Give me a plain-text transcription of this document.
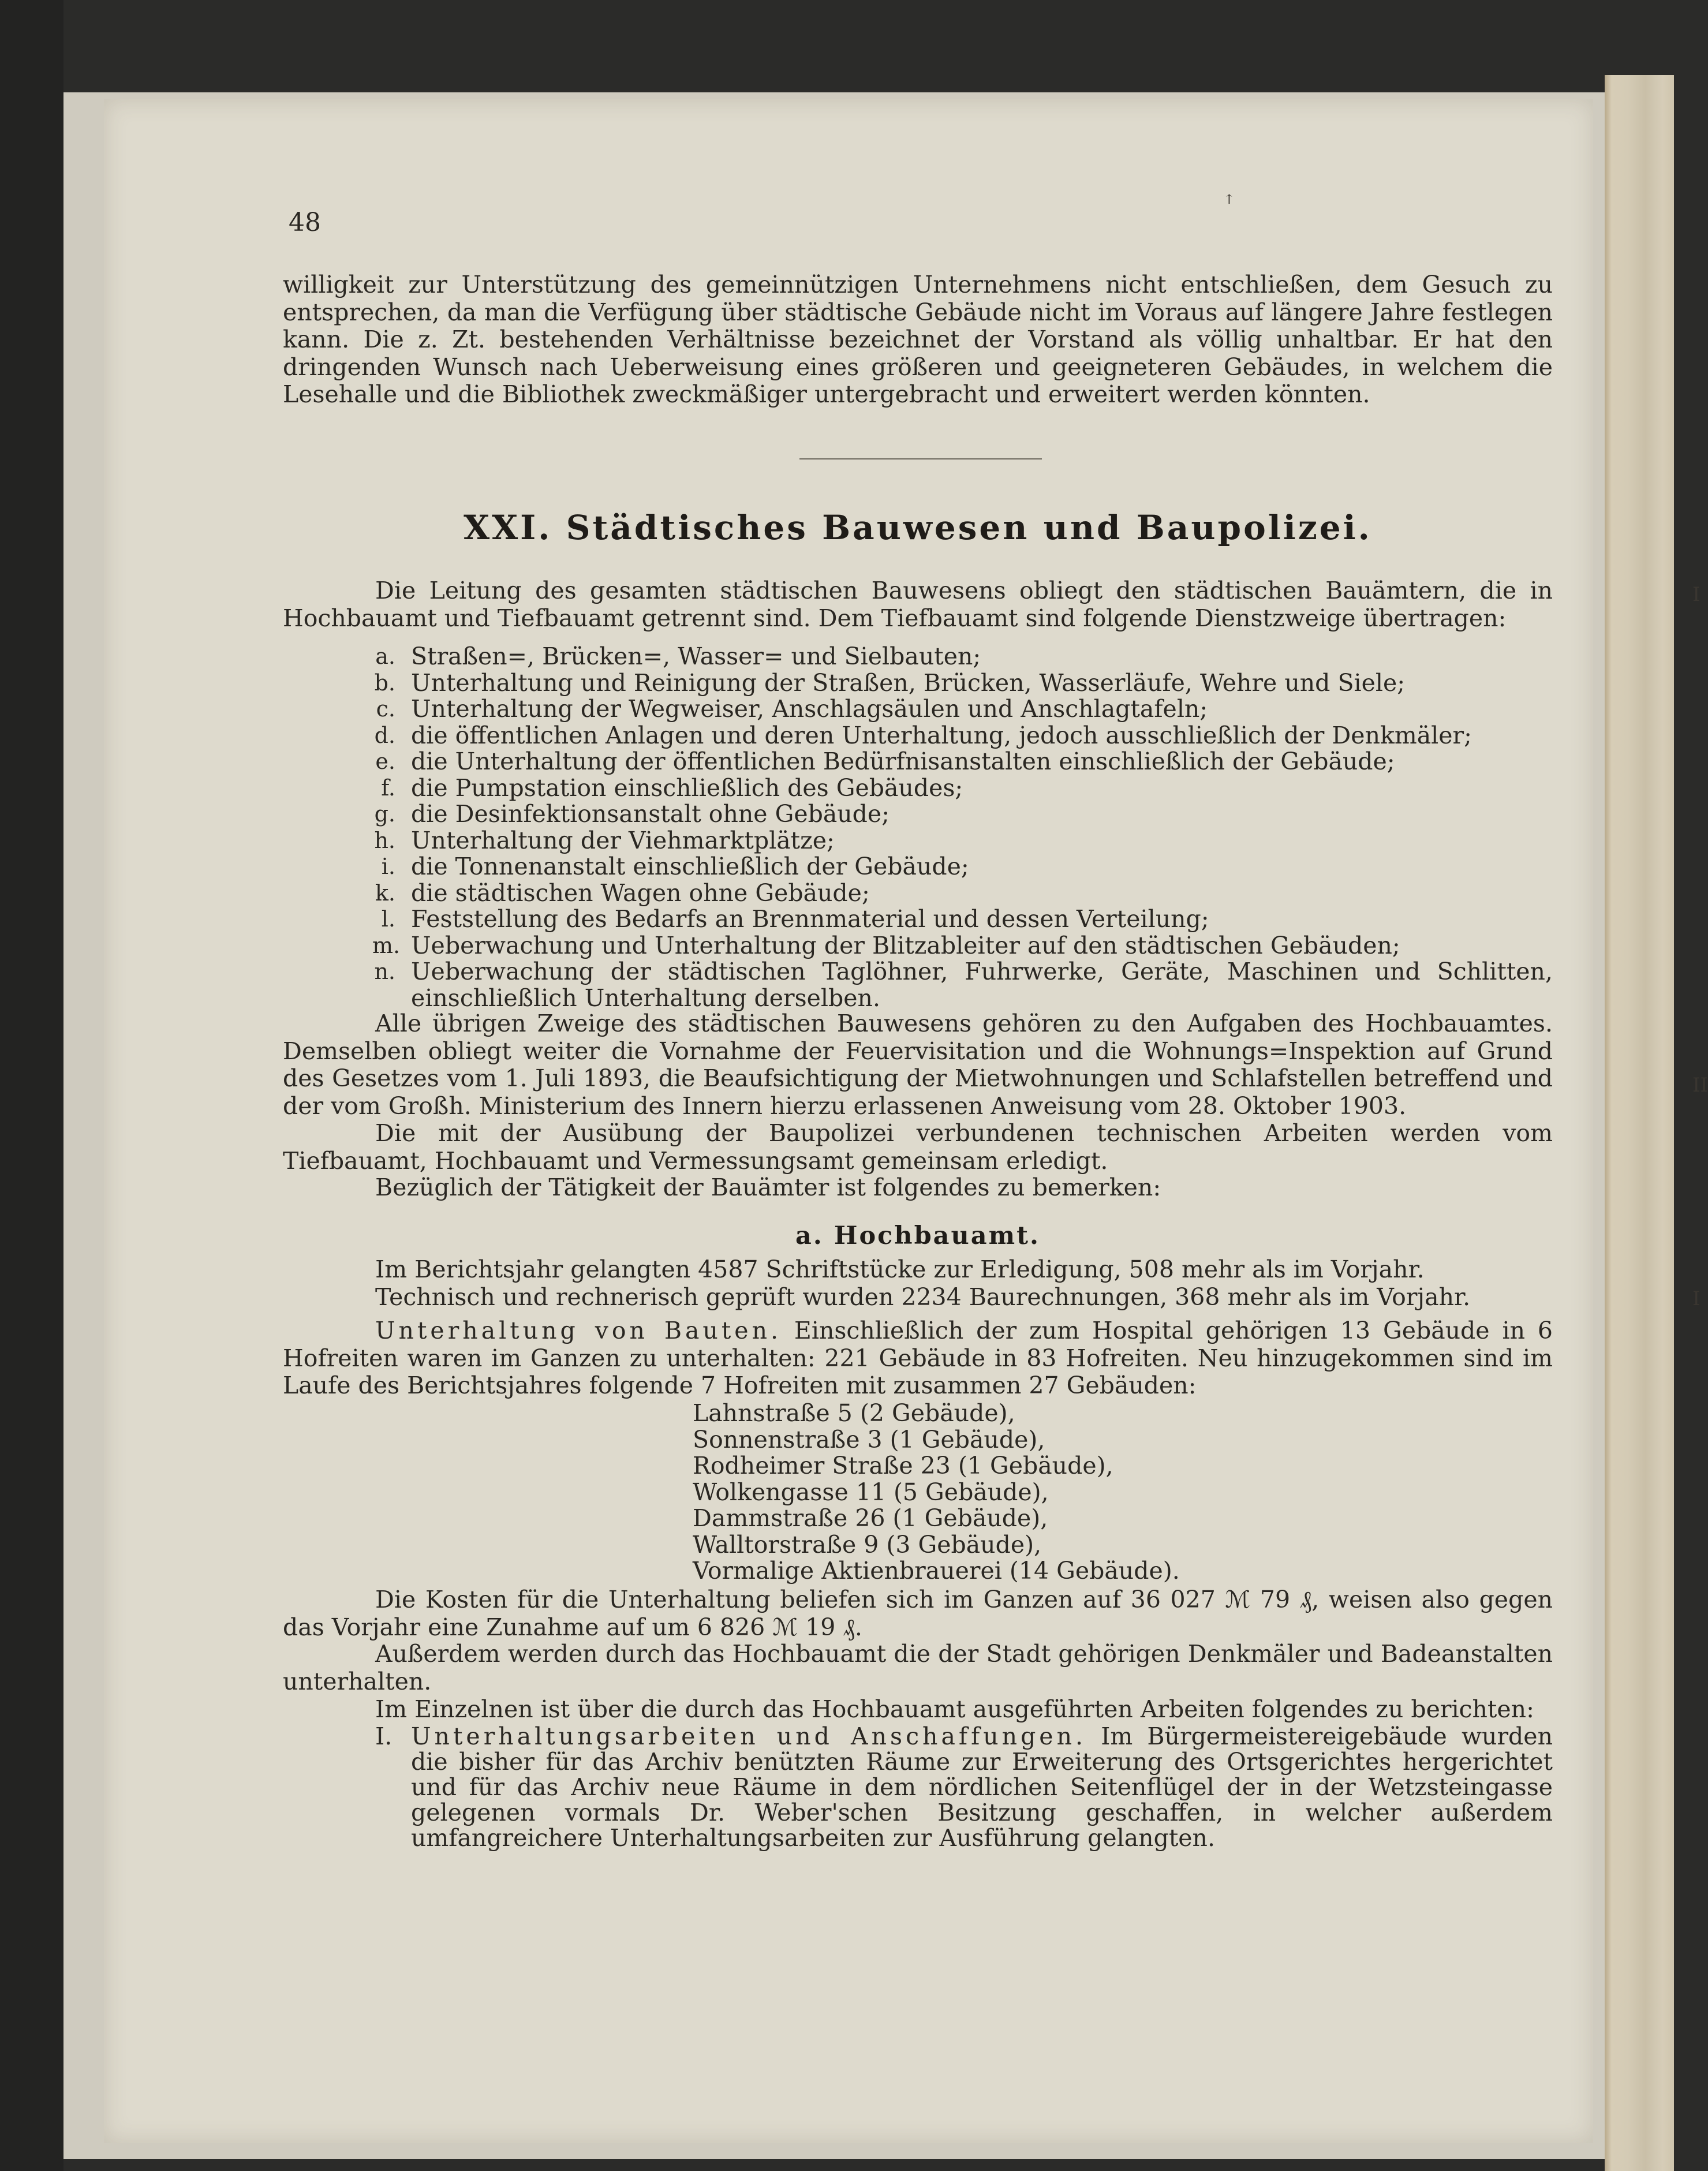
I
II
I
48
ꜛ
willigkeit zur Unterstützung des gemeinnützigen Unternehmens nicht entschließen, dem Gesuch zu entsprechen, da man die Verfügung über städtische Gebäude nicht im Voraus auf längere Jahre festlegen kann. Die z. Zt. bestehenden Verhältnisse bezeichnet der Vorstand als völlig unhaltbar. Er hat den dringenden Wunsch nach Ueberweisung eines größeren und geeigneteren Gebäudes, in welchem die Lesehalle und die Bibliothek zweckmäßiger untergebracht und erweitert werden könnten.
XXI. Städtisches Bauwesen und Baupolizei.
Die Leitung des gesamten städtischen Bauwesens obliegt den städtischen Bauämtern, die in Hochbauamt und Tiefbauamt getrennt sind. Dem Tiefbauamt sind folgende Dienstzweige übertragen:
a. Straßen=, Brücken=, Wasser= und Sielbauten;
b. Unterhaltung und Reinigung der Straßen, Brücken, Wasserläufe, Wehre und Siele;
c. Unterhaltung der Wegweiser, Anschlagsäulen und Anschlagtafeln;
d. die öffentlichen Anlagen und deren Unterhaltung, jedoch ausschließlich der Denkmäler;
e. die Unterhaltung der öffentlichen Bedürfnisanstalten einschließlich der Gebäude;
f. die Pumpstation einschließlich des Gebäudes;
g. die Desinfektionsanstalt ohne Gebäude;
h. Unterhaltung der Viehmarktplätze;
i. die Tonnenanstalt einschließlich der Gebäude;
k. die städtischen Wagen ohne Gebäude;
l. Feststellung des Bedarfs an Brennmaterial und dessen Verteilung;
m. Ueberwachung und Unterhaltung der Blitzableiter auf den städtischen Gebäuden;
n. Ueberwachung der städtischen Taglöhner, Fuhrwerke, Geräte, Maschinen und Schlitten, einschließlich Unterhaltung derselben.
Alle übrigen Zweige des städtischen Bauwesens gehören zu den Aufgaben des Hochbauamtes. Demselben obliegt weiter die Vornahme der Feuervisitation und die Wohnungs=Inspektion auf Grund des Gesetzes vom 1. Juli 1893, die Beaufsichtigung der Mietwohnungen und Schlafstellen betreffend und der vom Großh. Ministerium des Innern hierzu erlassenen Anweisung vom 28. Oktober 1903.
Die mit der Ausübung der Baupolizei verbundenen technischen Arbeiten werden vom Tiefbauamt, Hochbauamt und Vermessungsamt gemeinsam erledigt.
Bezüglich der Tätigkeit der Bauämter ist folgendes zu bemerken:
a. Hochbauamt.
Im Berichtsjahr gelangten 4587 Schriftstücke zur Erledigung, 508 mehr als im Vorjahr.
Technisch und rechnerisch geprüft wurden 2234 Baurechnungen, 368 mehr als im Vorjahr.
Unterhaltung von Bauten. Einschließlich der zum Hospital gehörigen 13 Gebäude in 6 Hofreiten waren im Ganzen zu unterhalten: 221 Gebäude in 83 Hofreiten. Neu hinzugekommen sind im Laufe des Berichtsjahres folgende 7 Hofreiten mit zusammen 27 Gebäuden:
Lahnstraße 5 (2 Gebäude),
Sonnenstraße 3 (1 Gebäude),
Rodheimer Straße 23 (1 Gebäude),
Wolkengasse 11 (5 Gebäude),
Dammstraße 26 (1 Gebäude),
Walltorstraße 9 (3 Gebäude),
Vormalige Aktienbrauerei (14 Gebäude).
Die Kosten für die Unterhaltung beliefen sich im Ganzen auf 36 027 ℳ 79 ₰, weisen also gegen das Vorjahr eine Zunahme auf um 6 826 ℳ 19 ₰.
Außerdem werden durch das Hochbauamt die der Stadt gehörigen Denkmäler und Badeanstalten unterhalten.
Im Einzelnen ist über die durch das Hochbauamt ausgeführten Arbeiten folgendes zu berichten:
I. Unterhaltungsarbeiten und Anschaffungen. Im Bürgermeistereigebäude wurden die bisher für das Archiv benützten Räume zur Erweiterung des Ortsgerichtes hergerichtet und für das Archiv neue Räume in dem nördlichen Seitenflügel der in der Wetzsteingasse gelegenen vormals Dr. Weber'schen Besitzung geschaffen, in welcher außerdem umfangreichere Unterhaltungsarbeiten zur Ausführung gelangten.
